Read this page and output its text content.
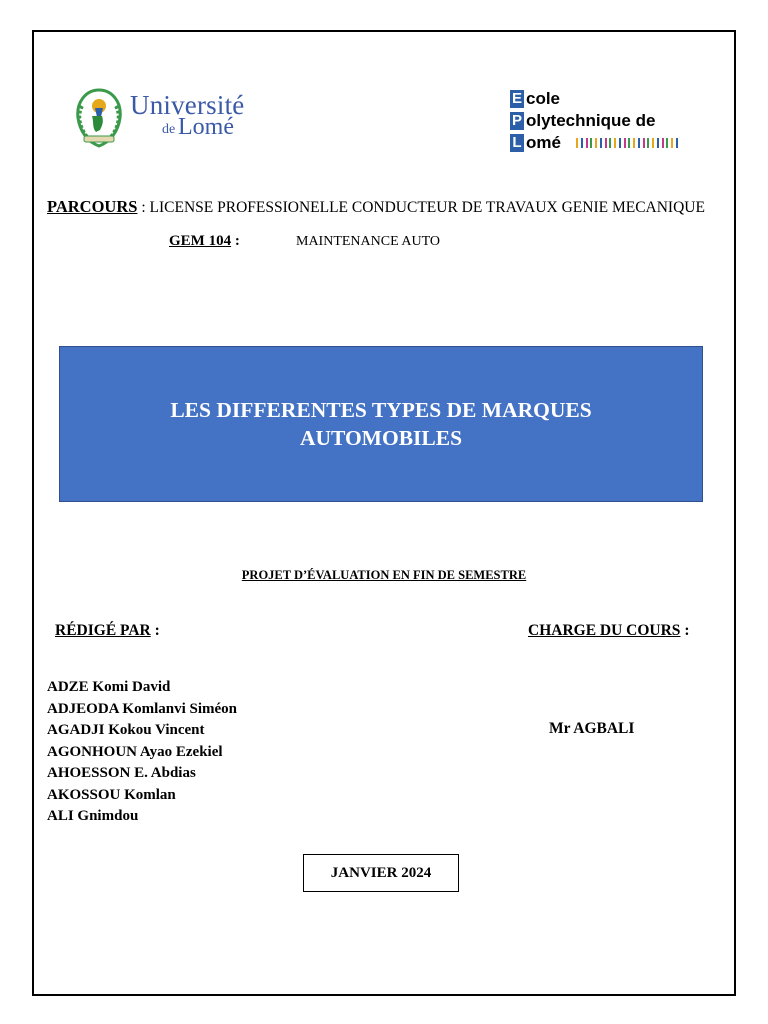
Université
de Lomé
E cole
P olytechnique de
L omé
PARCOURS : LICENSE PROFESSIONELLE CONDUCTEUR DE TRAVAUX GENIE MECANIQUE
GEM 104 :	MAINTENANCE AUTO
LES DIFFERENTES TYPES DE MARQUES
AUTOMOBILES
PROJET D’ÉVALUATION EN FIN DE SEMESTRE
RÉDIGÉ PAR :	CHARGE DU COURS :
ADZE Komi David
ADJEODA Komlanvi Siméon
AGADJI Kokou Vincent
AGONHOUN Ayao Ezekiel
AHOESSON E. Abdias
AKOSSOU Komlan
ALI Gnimdou
Mr AGBALI
JANVIER 2024
